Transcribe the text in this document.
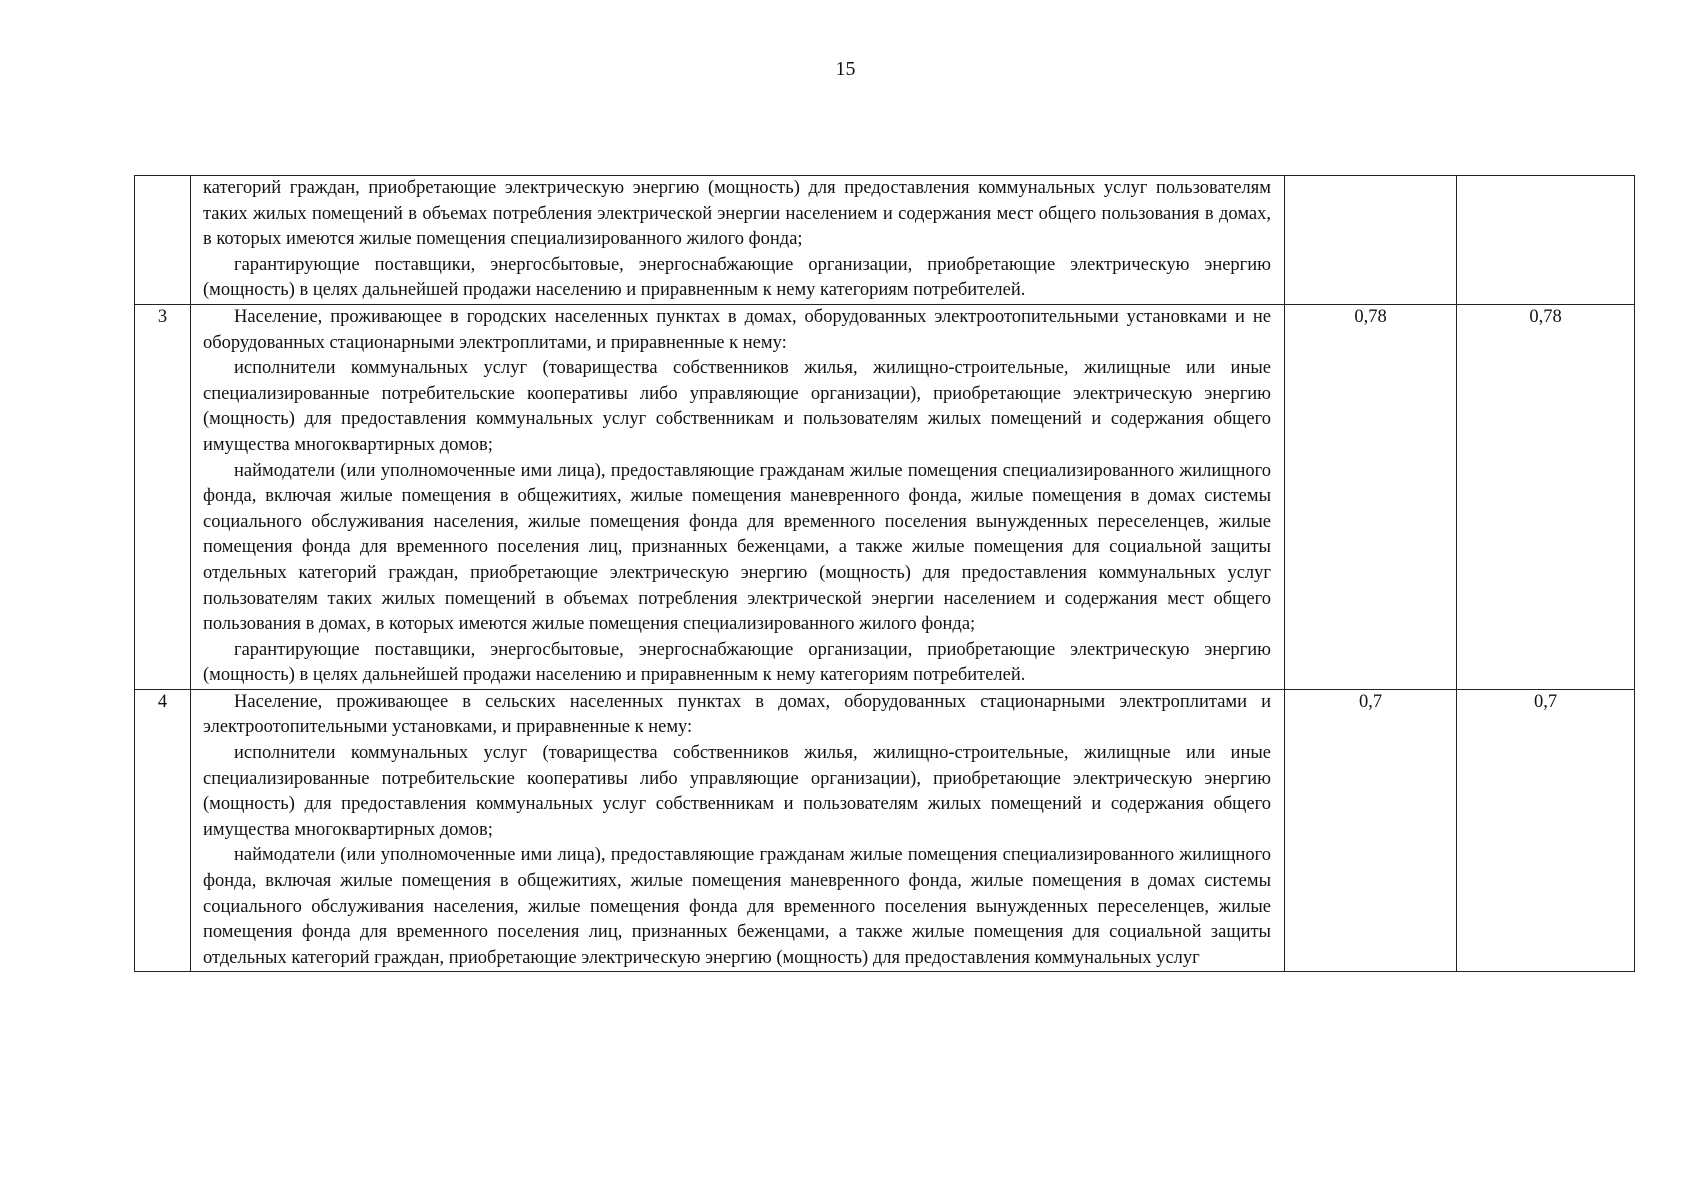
15

	категорий граждан, приобретающие электрическую энергию (мощность) для предоставления коммунальных услуг пользователям таких жилых помещений в объемах потребления электрической энергии населением и содержания мест общего пользования в домах, в которых имеются жилые помещения специализированного жилого фонда;

гарантирующие поставщики, энергосбытовые, энергоснабжающие организации, приобретающие электрическую энергию (мощность) в целях дальнейшей продажи населению и приравненным к нему категориям потребителей.		

3	Население, проживающее в городских населенных пунктах в домах, оборудованных электроотопительными установками и не оборудованных стационарными электроплитами, и приравненные к нему:

исполнители коммунальных услуг (товарищества собственников жилья, жилищно-строительные, жилищные или иные специализированные потребительские кооперативы либо управляющие организации), приобретающие электрическую энергию (мощность) для предоставления коммунальных услуг собственникам и пользователям жилых помещений и содержания общего имущества многоквартирных домов;

наймодатели (или уполномоченные ими лица), предоставляющие гражданам жилые помещения специализированного жилищного фонда, включая жилые помещения в общежитиях, жилые помещения маневренного фонда, жилые помещения в домах системы социального обслуживания населения, жилые помещения фонда для временного поселения вынужденных переселенцев, жилые помещения фонда для временного поселения лиц, признанных беженцами, а также жилые помещения для социальной защиты отдельных категорий граждан, приобретающие электрическую энергию (мощность) для предоставления коммунальных услуг пользователям таких жилых помещений в объемах потребления электрической энергии населением и содержания мест общего пользования в домах, в которых имеются жилые помещения специализированного жилого фонда;

гарантирующие поставщики, энергосбытовые, энергоснабжающие организации, приобретающие электрическую энергию (мощность) в целях дальнейшей продажи населению и приравненным к нему категориям потребителей.	0,78	0,78
4	Население, проживающее в сельских населенных пунктах в домах, оборудованных стационарными электроплитами и электроотопительными установками, и приравненные к нему:

исполнители коммунальных услуг (товарищества собственников жилья, жилищно-строительные, жилищные или иные специализированные потребительские кооперативы либо управляющие организации), приобретающие электрическую энергию (мощность) для предоставления коммунальных услуг собственникам и пользователям жилых помещений и содержания общего имущества многоквартирных домов;

наймодатели (или уполномоченные ими лица), предоставляющие гражданам жилые помещения специализированного жилищного фонда, включая жилые помещения в общежитиях, жилые помещения маневренного фонда, жилые помещения в домах системы социального обслуживания населения, жилые помещения фонда для временного поселения вынужденных переселенцев, жилые помещения фонда для временного поселения лиц, признанных беженцами, а также жилые помещения для социальной защиты отдельных категорий граждан, приобретающие электрическую энергию (мощность) для предоставления коммунальных услуг	0,7	0,7
